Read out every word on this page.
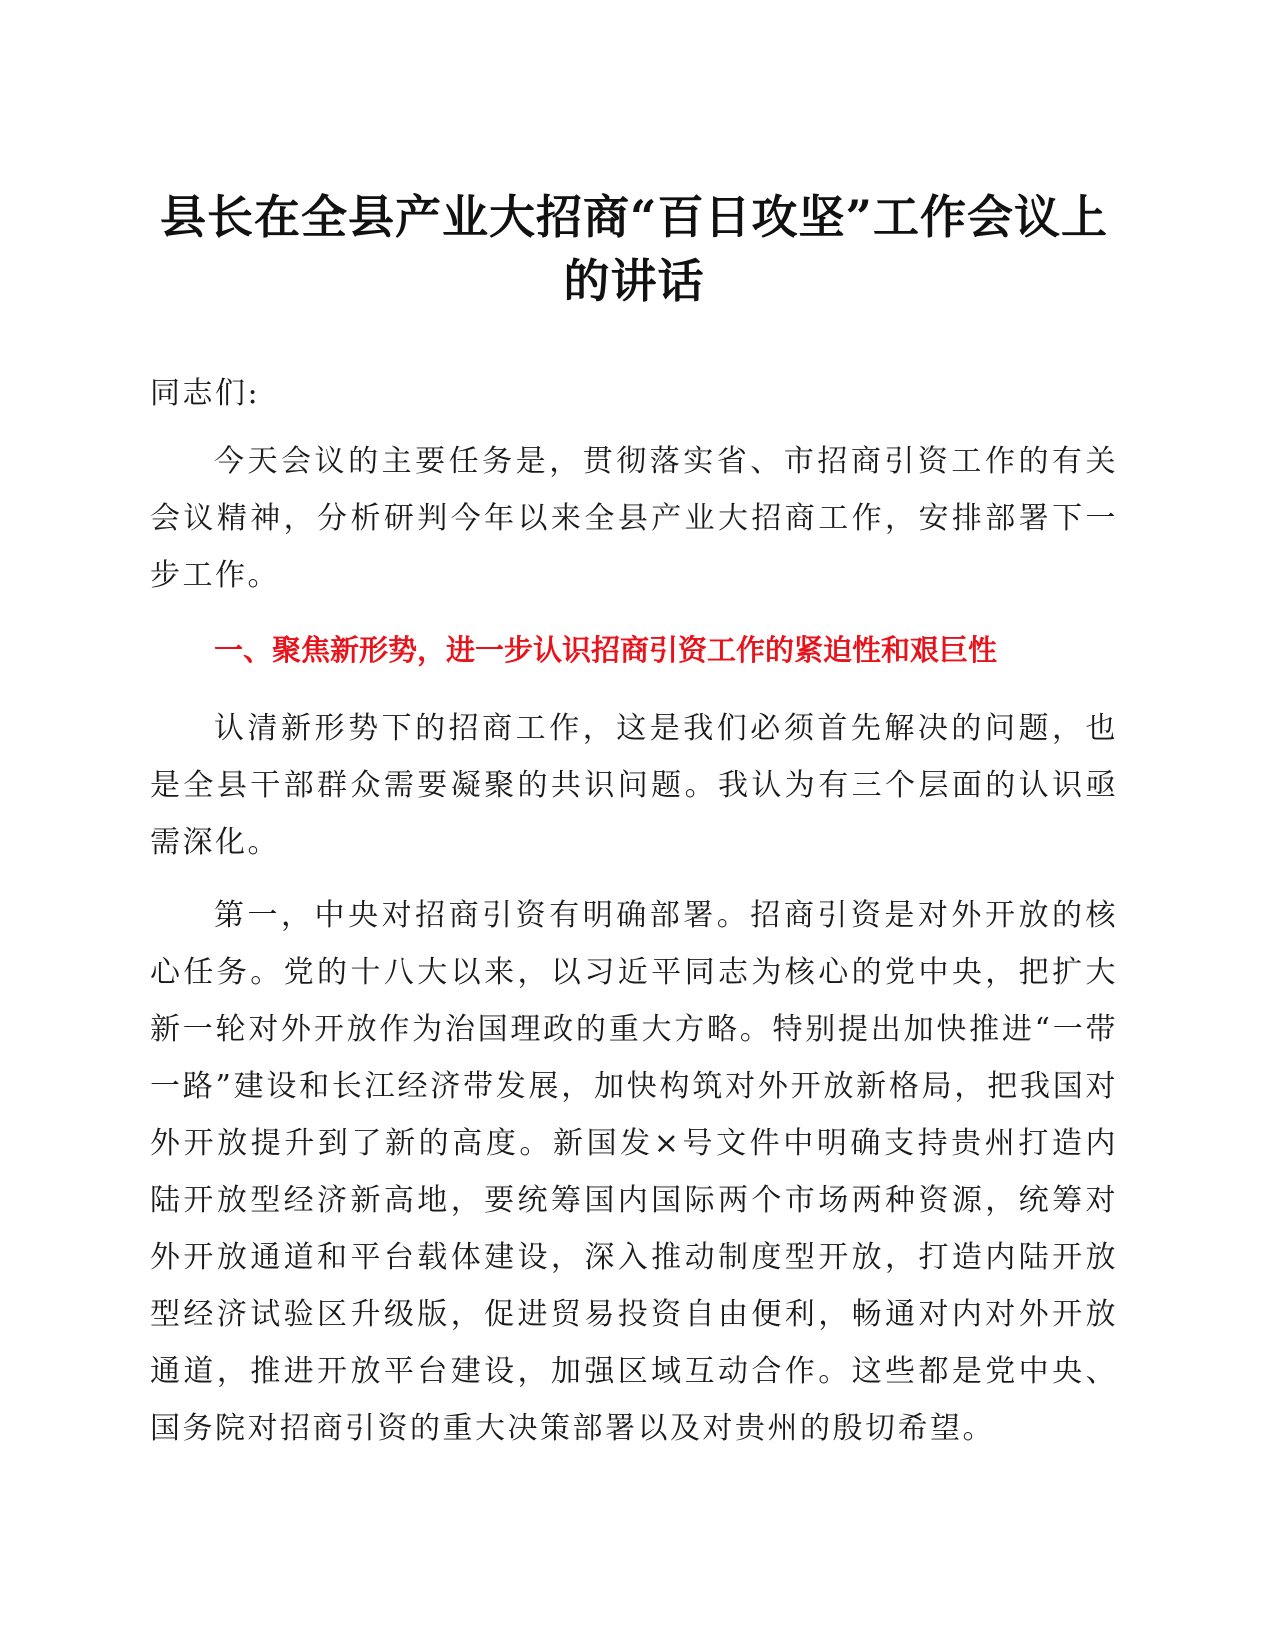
县长在全县产业大招商“百日攻坚”工作会议上
的讲话

同志们:

今天会议的主要任务是，贯彻落实省、市招商引资工作的有关会议精神，分析研判今年以来全县产业大招商工作，安排部署下一步工作。

一、聚焦新形势，进一步认识招商引资工作的紧迫性和艰巨性

认清新形势下的招商工作，这是我们必须首先解决的问题，也是全县干部群众需要凝聚的共识问题。我认为有三个层面的认识亟需深化。

第一，中央对招商引资有明确部署。招商引资是对外开放的核心任务。党的十八大以来，以习近平同志为核心的党中央，把扩大新一轮对外开放作为治国理政的重大方略。特别提出加快推进“一带一路”建设和长江经济带发展，加快构筑对外开放新格局，把我国对外开放提升到了新的高度。新国发×号文件中明确支持贵州打造内陆开放型经济新高地，要统筹国内国际两个市场两种资源，统筹对外开放通道和平台载体建设，深入推动制度型开放，打造内陆开放型经济试验区升级版，促进贸易投资自由便利，畅通对内对外开放通道，推进开放平台建设，加强区域互动合作。这些都是党中央、国务院对招商引资的重大决策部署以及对贵州的殷切希望。
